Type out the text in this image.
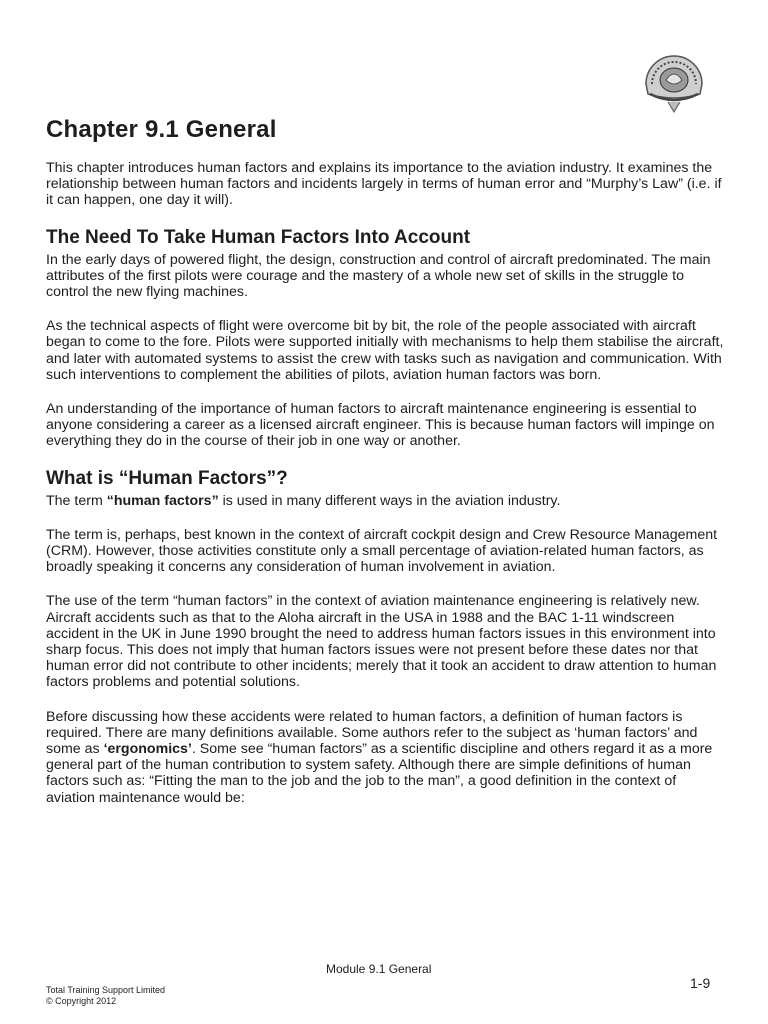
Chapter 9.1 General

This chapter introduces human factors and explains its importance to the aviation industry. It examines the relationship between human factors and incidents largely in terms of human error and “Murphy’s Law” (i.e. if it can happen, one day it will).

The Need To Take Human Factors Into Account

In the early days of powered flight, the design, construction and control of aircraft predominated. The main attributes of the first pilots were courage and the mastery of a whole new set of skills in the struggle to control the new flying machines.

As the technical aspects of flight were overcome bit by bit, the role of the people associated with aircraft began to come to the fore. Pilots were supported initially with mechanisms to help them stabilise the aircraft, and later with automated systems to assist the crew with tasks such as navigation and communication. With such interventions to complement the abilities of pilots, aviation human factors was born.

An understanding of the importance of human factors to aircraft maintenance engineering is essential to anyone considering a career as a licensed aircraft engineer. This is because human factors will impinge on everything they do in the course of their job in one way or another.

What is “Human Factors”?

The term “human factors” is used in many different ways in the aviation industry.

The term is, perhaps, best known in the context of aircraft cockpit design and Crew Resource Management (CRM). However, those activities constitute only a small percentage of aviation-related human factors, as broadly speaking it concerns any consideration of human involvement in aviation.

The use of the term “human factors” in the context of aviation maintenance engineering is relatively new. Aircraft accidents such as that to the Aloha aircraft in the USA in 1988 and the BAC 1-11 windscreen accident in the UK in June 1990 brought the need to address human factors issues in this environment into sharp focus. This does not imply that human factors issues were not present before these dates nor that human error did not contribute to other incidents; merely that it took an accident to draw attention to human factors problems and potential solutions.

Before discussing how these accidents were related to human factors, a definition of human factors is required. There are many definitions available. Some authors refer to the subject as ‘human factors’ and some as ‘ergonomics’. Some see “human factors” as a scientific discipline and others regard it as a more general part of the human contribution to system safety. Although there are simple definitions of human factors such as: “Fitting the man to the job and the job to the man”, a good definition in the context of aviation maintenance would be:

Module 9.1 General
Total Training Support Limited
© Copyright 2012
1-9
